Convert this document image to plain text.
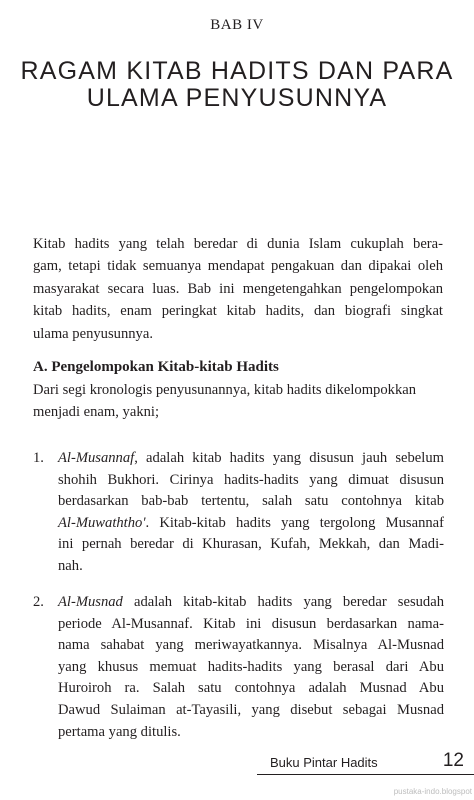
BAB IV
RAGAM KITAB HADITS DAN PARA
ULAMA PENYUSUNNYA
Kitab hadits yang telah beredar di dunia Islam cukuplah bera-
gam, tetapi tidak semuanya mendapat pengakuan dan dipakai oleh
masyarakat secara luas. Bab ini mengetengahkan pengelompokan
kitab hadits, enam peringkat kitab hadits, dan biografi singkat
ulama penyusunnya.
A. Pengelompokan Kitab-kitab Hadits
Dari segi kronologis penyusunannya, kitab hadits dikelompokkan
menjadi enam, yakni;
1. Al-Musannaf, adalah kitab hadits yang disusun jauh sebelum
shohih Bukhori. Cirinya hadits-hadits yang dimuat disusun
berdasarkan bab-bab tertentu, salah satu contohnya kitab
Al-Muwaththo'. Kitab-kitab hadits yang tergolong Musannaf
ini pernah beredar di Khurasan, Kufah, Mekkah, dan Madi-
nah.
2. Al-Musnad adalah kitab-kitab hadits yang beredar sesudah
periode Al-Musannaf. Kitab ini disusun berdasarkan nama-
nama sahabat yang meriwayatkannya. Misalnya Al-Musnad
yang khusus memuat hadits-hadits yang berasal dari Abu
Huroiroh ra. Salah satu contohnya adalah Musnad Abu
Dawud Sulaiman at-Tayasili, yang disebut sebagai Musnad
pertama yang ditulis.
Buku Pintar Hadits	12
pustaka-indo.blogspot
